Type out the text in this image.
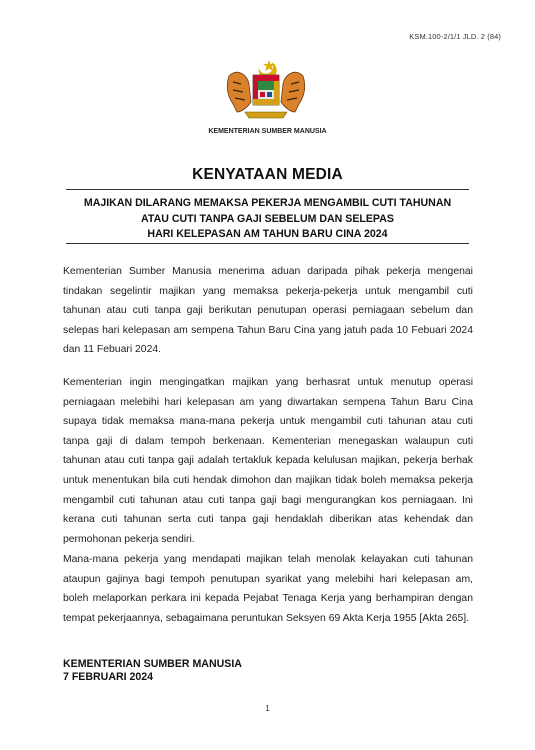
KSM.100-2/1/1 JLD. 2 (84)
KEMENTERIAN SUMBER MANUSIA
KENYATAAN MEDIA
MAJIKAN DILARANG MEMAKSA PEKERJA MENGAMBIL CUTI TAHUNAN
ATAU CUTI TANPA GAJI SEBELUM DAN SELEPAS
HARI KELEPASAN AM TAHUN BARU CINA 2024

Kementerian Sumber Manusia menerima aduan daripada pihak pekerja mengenai tindakan segelintir majikan yang memaksa pekerja-pekerja untuk mengambil cuti tahunan atau cuti tanpa gaji berikutan penutupan operasi perniagaan sebelum dan selepas hari kelepasan am sempena Tahun Baru Cina yang jatuh pada 10 Febuari 2024 dan 11 Febuari 2024.

Kementerian ingin mengingatkan majikan yang berhasrat untuk menutup operasi perniagaan melebihi hari kelepasan am yang diwartakan sempena Tahun Baru Cina supaya tidak memaksa mana-mana pekerja untuk mengambil cuti tahunan atau cuti tanpa gaji di dalam tempoh berkenaan. Kementerian menegaskan walaupun cuti tahunan atau cuti tanpa gaji adalah tertakluk kepada kelulusan majikan, pekerja berhak untuk menentukan bila cuti hendak dimohon dan majikan tidak boleh memaksa pekerja mengambil cuti tahunan atau cuti tanpa gaji bagi mengurangkan kos perniagaan. Ini kerana cuti tahunan serta cuti tanpa gaji hendaklah diberikan atas kehendak dan permohonan pekerja sendiri.

Mana-mana pekerja yang mendapati majikan telah menolak kelayakan cuti tahunan ataupun gajinya bagi tempoh penutupan syarikat yang melebihi hari kelepasan am, boleh melaporkan perkara ini kepada Pejabat Tenaga Kerja yang berhampiran dengan tempat pekerjaannya, sebagaimana peruntukan Seksyen 69 Akta Kerja 1955 [Akta 265].

KEMENTERIAN SUMBER MANUSIA
7 FEBRUARI 2024
1
